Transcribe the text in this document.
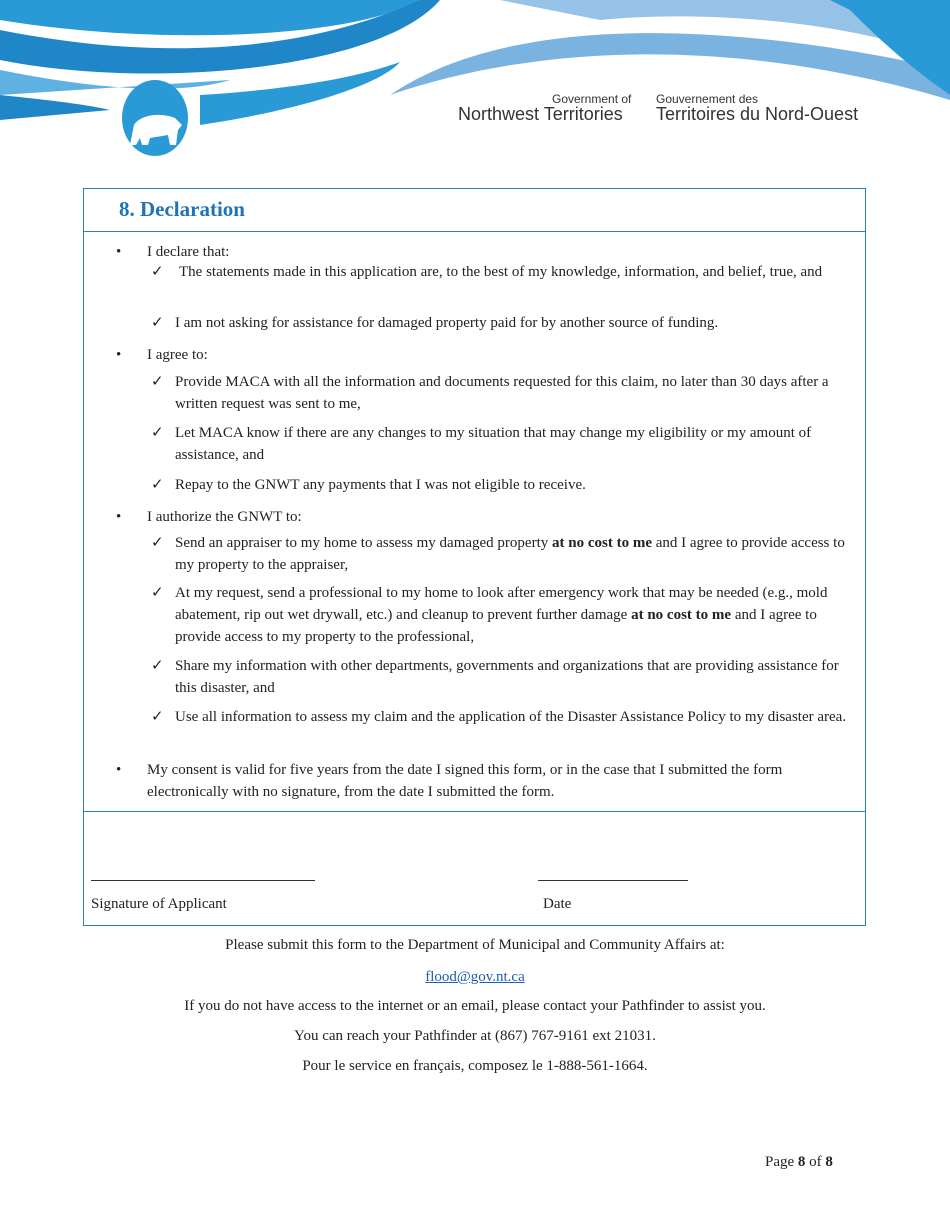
Government of
Northwest Territories
Gouvernement des
Territoires du Nord-Ouest
8. Declaration
• I declare that:
✓ The statements made in this application are, to the best of my knowledge, information, and belief, true, and
✓ I am not asking for assistance for damaged property paid for by another source of funding.
• I agree to:
✓ Provide MACA with all the information and documents requested for this claim, no later than 30 days after a written request was sent to me,
✓ Let MACA know if there are any changes to my situation that may change my eligibility or my amount of assistance, and
✓ Repay to the GNWT any payments that I was not eligible to receive.
• I authorize the GNWT to:
✓ Send an appraiser to my home to assess my damaged property at no cost to me and I agree to provide access to my property to the appraiser,
✓ At my request, send a professional to my home to look after emergency work that may be needed (e.g., mold abatement, rip out wet drywall, etc.) and cleanup to prevent further damage at no cost to me and I agree to provide access to my property to the professional,
✓ Share my information with other departments, governments and organizations that are providing assistance for this disaster, and
✓ Use all information to assess my claim and the application of the Disaster Assistance Policy to my disaster area.
• My consent is valid for five years from the date I signed this form, or in the case that I submitted the form electronically with no signature, from the date I submitted the form.
Signature of Applicant	Date
Please submit this form to the Department of Municipal and Community Affairs at:
flood@gov.nt.ca
If you do not have access to the internet or an email, please contact your Pathfinder to assist you.
You can reach your Pathfinder at (867) 767-9161 ext 21031.
Pour le service en français, composez le 1-888-561-1664.
Page 8 of 8
